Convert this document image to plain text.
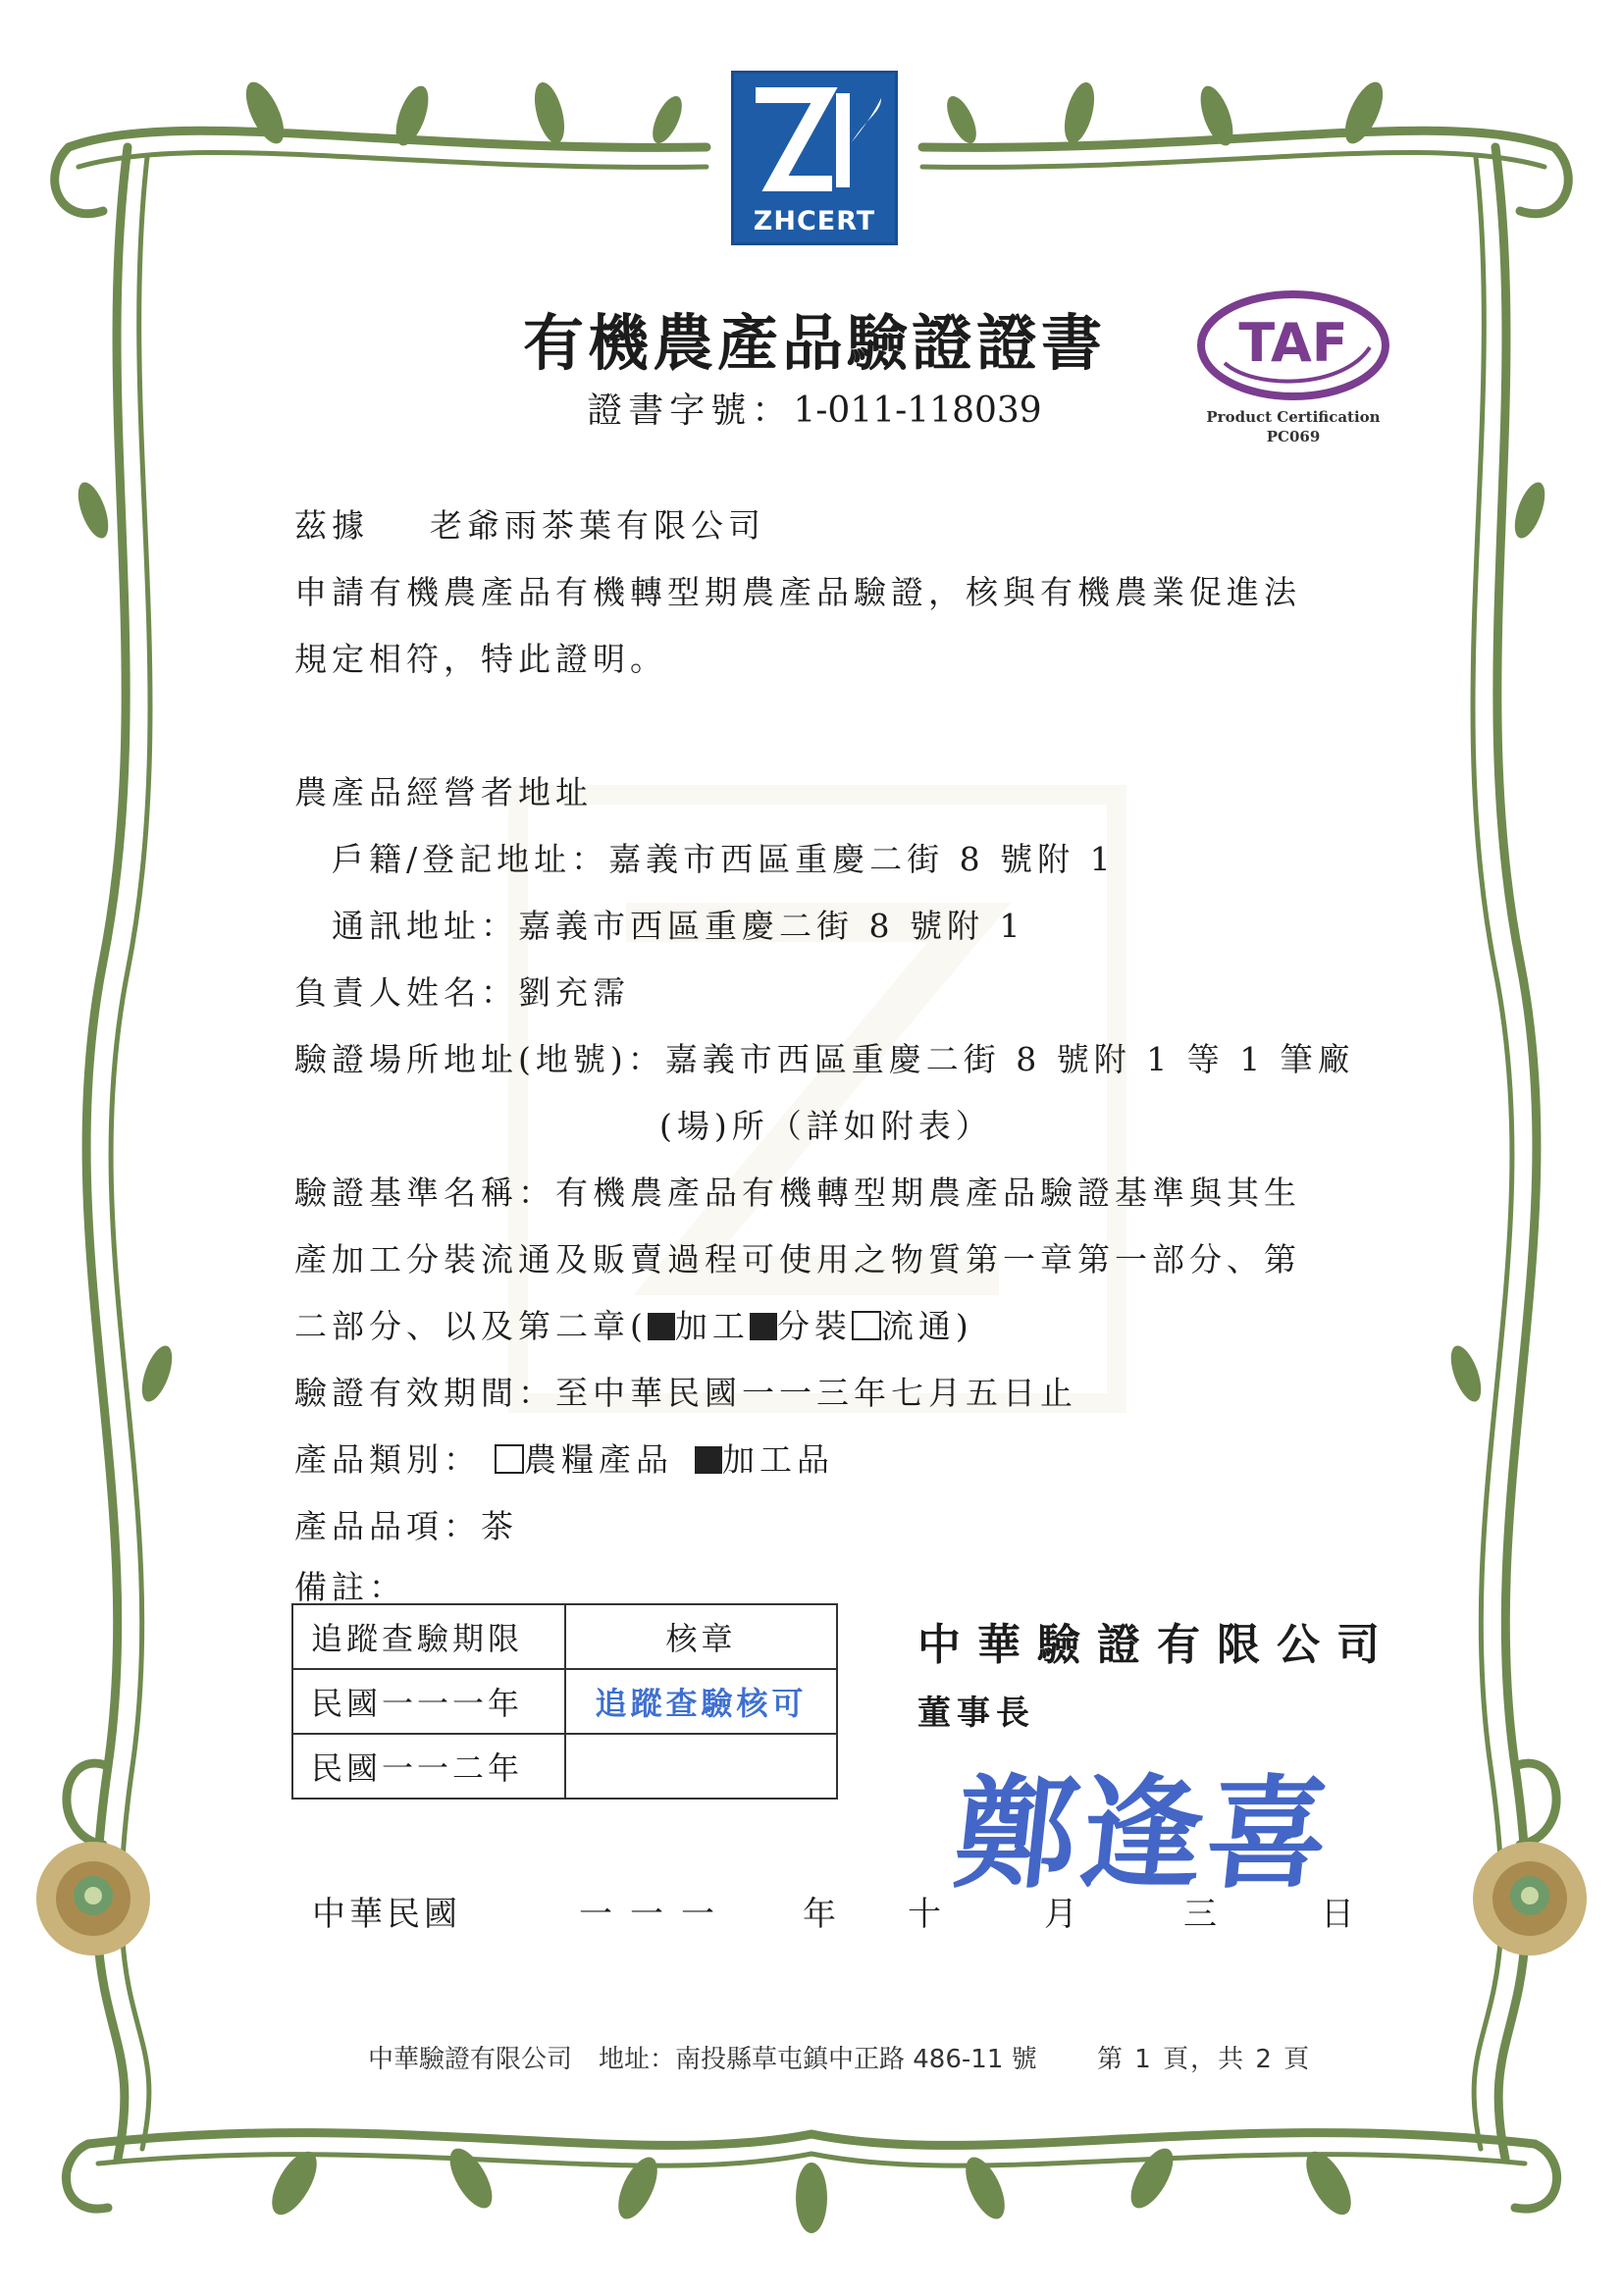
ZHCERT
有機農產品驗證證書
證書字號：1-011-118039
TAF
Product Certification
PC069
茲據 老爺雨茶葉有限公司
申請有機農產品有機轉型期農產品驗證，核與有機農業促進法
規定相符，特此證明。
農產品經營者地址
戶籍/登記地址：嘉義市西區重慶二街 8 號附 1
通訊地址：嘉義市西區重慶二街 8 號附 1
負責人姓名：劉充霈
驗證場所地址(地號)：嘉義市西區重慶二街 8 號附 1 等 1 筆廠
(場)所（詳如附表）
驗證基準名稱：有機農產品有機轉型期農產品驗證基準與其生
產加工分裝流通及販賣過程可使用之物質第一章第一部分、第
二部分、以及第二章( 加工 分裝 流通)
驗證有效期間：至中華民國一一三年七月五日止
產品類別： 農糧產品 加工品
產品品項：茶
備註：
追蹤查驗期限	核章
民國一一一年	追蹤查驗核可
民國一一二年	
中華驗證有限公司
董事長
鄭逢喜
中華民國	一一一 年 十	月	三	日
中華驗證有限公司 地址：南投縣草屯鎮中正路 486-11 號 第 1 頁，共 2 頁
